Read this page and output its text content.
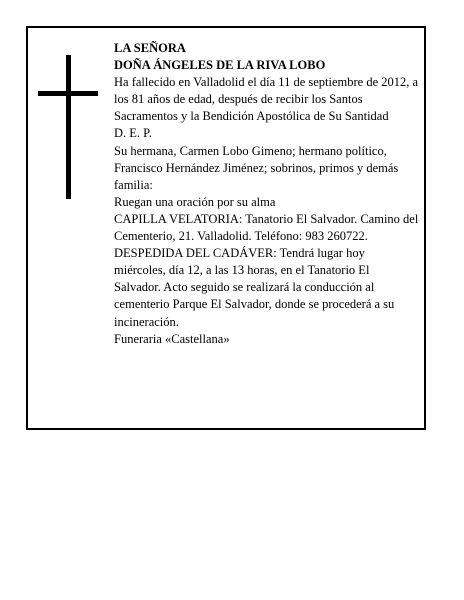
LA SEÑORA

DOÑA ÁNGELES DE LA RIVA LOBO

Ha fallecido en Valladolid el día 11 de septiembre de 2012, a los 81 años de edad, después de recibir los Santos Sacramentos y la Bendición Apostólica de Su Santidad

D. E. P.

Su hermana, Carmen Lobo Gimeno; hermano político, Francisco Hernández Jiménez; sobrinos, primos y demás familia:

Ruegan una oración por su alma

CAPILLA VELATORIA: Tanatorio El Salvador. Camino del Cementerio, 21. Valladolid. Teléfono: 983 260722.

DESPEDIDA DEL CADÁVER: Tendrá lugar hoy miércoles, día 12, a las 13 horas, en el Tanatorio El Salvador. Acto seguido se realizará la conducción al cementerio Parque El Salvador, donde se procederá a su incineración.

Funeraria «Castellana»
